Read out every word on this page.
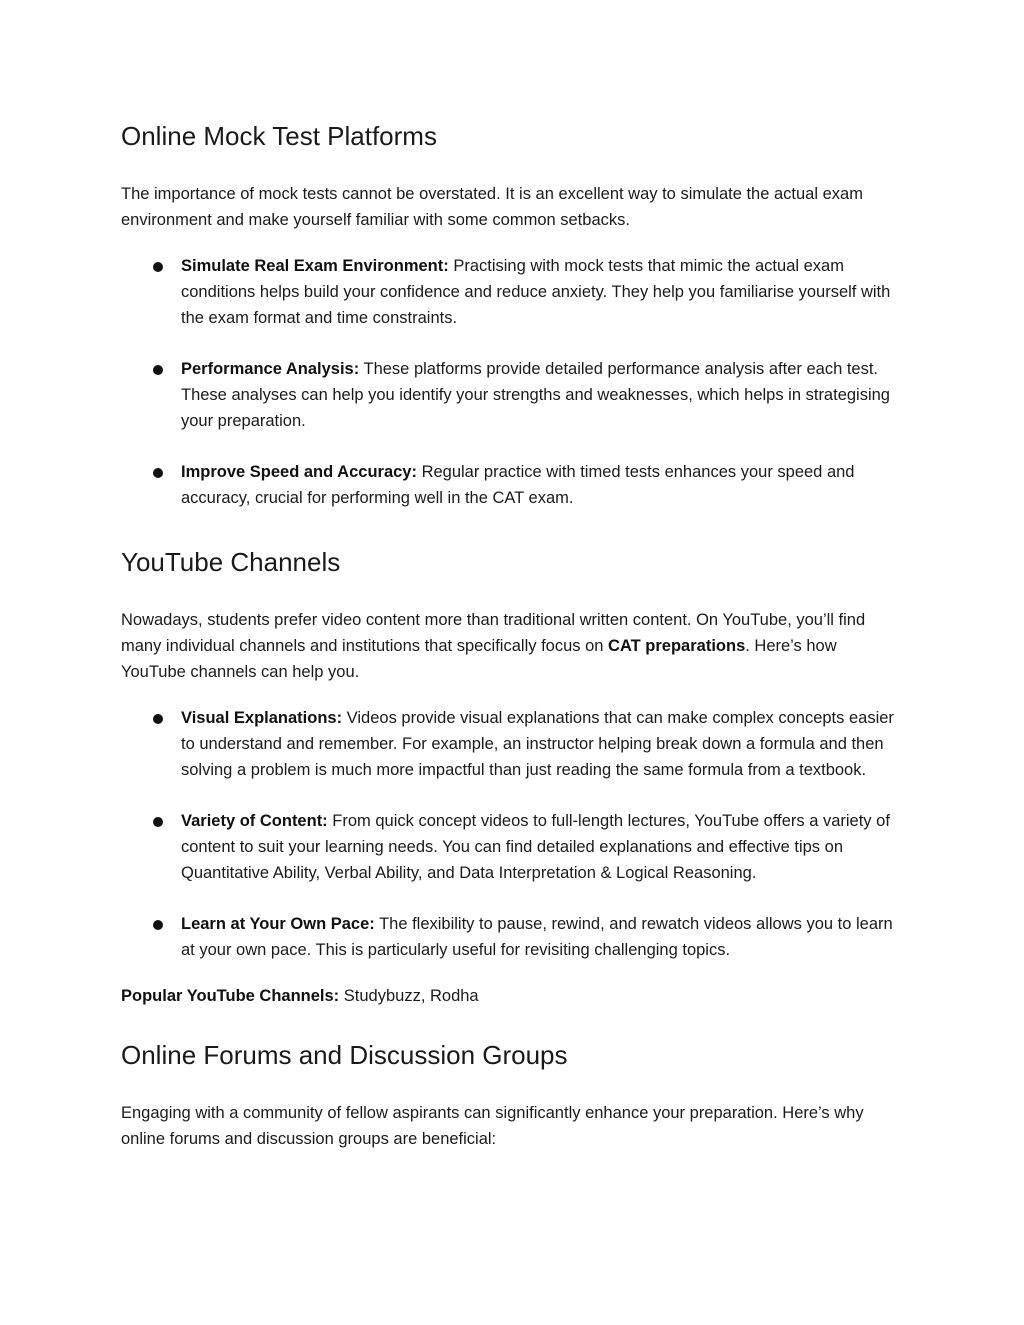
Online Mock Test Platforms

The importance of mock tests cannot be overstated. It is an excellent way to simulate the actual exam environment and make yourself familiar with some common setbacks.

Simulate Real Exam Environment: Practising with mock tests that mimic the actual exam conditions helps build your confidence and reduce anxiety. They help you familiarise yourself with the exam format and time constraints.
Performance Analysis: These platforms provide detailed performance analysis after each test. These analyses can help you identify your strengths and weaknesses, which helps in strategising your preparation.
Improve Speed and Accuracy: Regular practice with timed tests enhances your speed and accuracy, crucial for performing well in the CAT exam.
YouTube Channels

Nowadays, students prefer video content more than traditional written content. On YouTube, you’ll find many individual channels and institutions that specifically focus on CAT preparations. Here’s how YouTube channels can help you.

Visual Explanations: Videos provide visual explanations that can make complex concepts easier to understand and remember. For example, an instructor helping break down a formula and then solving a problem is much more impactful than just reading the same formula from a textbook.
Variety of Content: From quick concept videos to full-length lectures, YouTube offers a variety of content to suit your learning needs. You can find detailed explanations and effective tips on Quantitative Ability, Verbal Ability, and Data Interpretation & Logical Reasoning.
Learn at Your Own Pace: The flexibility to pause, rewind, and rewatch videos allows you to learn at your own pace. This is particularly useful for revisiting challenging topics.

Popular YouTube Channels: Studybuzz, Rodha

Online Forums and Discussion Groups

Engaging with a community of fellow aspirants can significantly enhance your preparation. Here’s why online forums and discussion groups are beneficial:
